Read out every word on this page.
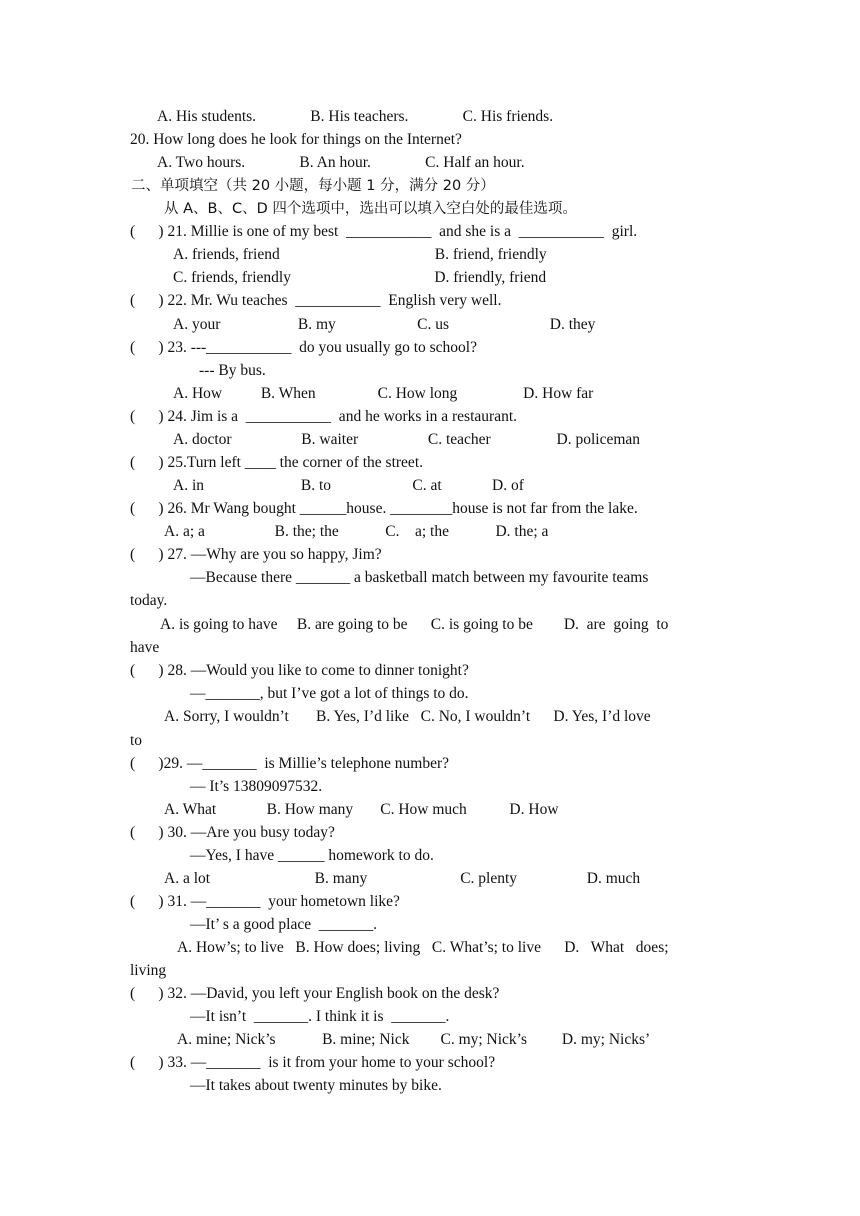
A. His students.              B. His teachers.              C. His friends.
20. How long does he look for things on the Internet?
A. Two hours.              B. An hour.              C. Half an hour.
二、单项填空（共 20 小题，每小题 1 分，满分 20 分）
从 A、B、C、D 四个选项中，选出可以填入空白处的最佳选项。
(      ) 21. Millie is one of my best  ___________  and she is a  ___________  girl.
A. friends, friend                                        B. friend, friendly
C. friends, friendly                                     D. friendly, friend
(      ) 22. Mr. Wu teaches  ___________  English very well.
A. your                    B. my                     C. us                          D. they
(      ) 23. ---___________  do you usually go to school?
--- By bus.
A. How          B. When                C. How long                 D. How far
(      ) 24. Jim is a  ___________  and he works in a restaurant.
A. doctor                  B. waiter                  C. teacher                 D. policeman
(      ) 25.Turn left ____ the corner of the street.
A. in                         B. to                     C. at             D. of
(      ) 26. Mr Wang bought ______house. ________house is not far from the lake.
A. a; a                  B. the; the            C.    a; the            D. the; a
(      ) 27. —Why are you so happy, Jim?
—Because there _______ a basketball match between my favourite teams
today.
A. is going to have     B. are going to be      C. is going to be        D.  are  going  to
have
(      ) 28. —Would you like to come to dinner tonight?
—_______, but I’ve got a lot of things to do.
A. Sorry, I wouldn’t       B. Yes, I’d like   C. No, I wouldn’t      D. Yes, I’d love
to
(      )29. —_______  is Millie’s telephone number?
— It’s 13809097532.
A. What             B. How many       C. How much           D. How
(      ) 30. —Are you busy today?
—Yes, I have ______ homework to do.
A. a lot                           B. many                        C. plenty                  D. much
(      ) 31. —_______  your hometown like?
—It’ s a good place  _______.
A. How’s; to live   B. How does; living   C. What’s; to live      D.   What   does;
living
(      ) 32. —David, you left your English book on the desk?
—It isn’t  _______. I think it is  _______.
A. mine; Nick’s            B. mine; Nick        C. my; Nick’s         D. my; Nicks’
(      ) 33. —_______  is it from your home to your school?
—It takes about twenty minutes by bike.
